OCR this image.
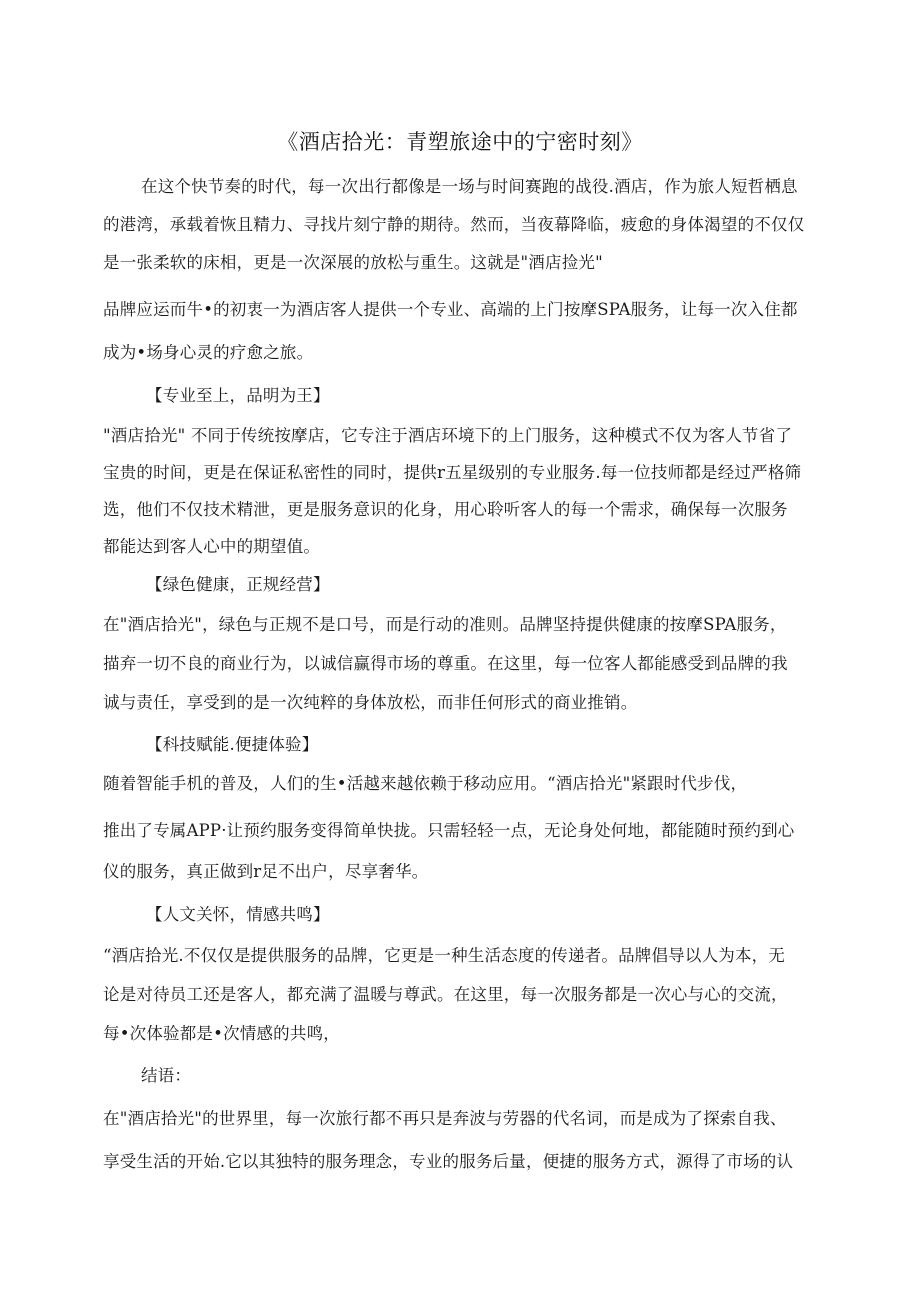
《酒店拾光：青塑旅途中的宁密时刻》
在这个快节奏的时代，每一次出行都像是一场与时间赛跑的战役.酒店，作为旅人短哲栖息
的港湾，承载着恢且精力、寻找片刻宁静的期待。然而，当夜幕降临，疲愈的身体渴望的不仅仅
是一张柔软的床相，更是一次深展的放松与重生。这就是"酒店捡光"
品牌应运而牛•的初衷一为酒店客人提供一个专业、高端的上门按摩SPA服务，让每一次入住都
成为•场身心灵的疗愈之旅。
【专业至上，品明为王】
"酒店拾光" 不同于传统按摩店，它专注于酒店环境下的上门服务，这种模式不仅为客人节省了
宝贵的时间，更是在保证私密性的同时，提供r五星级别的专业服务.每一位技师都是经过严格筛
选，他们不仅技术精泄，更是服务意识的化身，用心聆听客人的每一个需求，确保每一次服务
都能达到客人心中的期望值。
【绿色健康，正规经营】
在"酒店拾光"，绿色与正规不是口号，而是行动的准则。品牌坚持提供健康的按摩SPA服务，
描弃一切不良的商业行为，以诚信赢得市场的尊重。在这里，每一位客人都能感受到品牌的我
诚与责任，享受到的是一次纯粹的身体放松，而非任何形式的商业推销。
【科技赋能.便捷体验】
随着智能手机的普及，人们的生•活越来越依赖于移动应用。“酒店拾光"紧跟时代步伐，
推出了专属APP·让预约服务变得简单快拢。只需轻轻一点，无论身处何地，都能随时预约到心
仪的服务，真正做到r足不出户，尽享奢华。
【人文关怀，情感共鸣】
“酒店拾光.不仅仅是提供服务的品牌，它更是一种生活态度的传递者。品牌倡导以人为本，无
论是对待员工还是客人，都充满了温暖与尊武。在这里，每一次服务都是一次心与心的交流，
每•次体验都是•次情感的共鸣，
结语：
在"酒店拾光"的世界里，每一次旅行都不再只是奔波与劳器的代名词，而是成为了探索自我、
享受生活的开始.它以其独特的服务理念，专业的服务后量，便捷的服务方式，源得了市场的认
